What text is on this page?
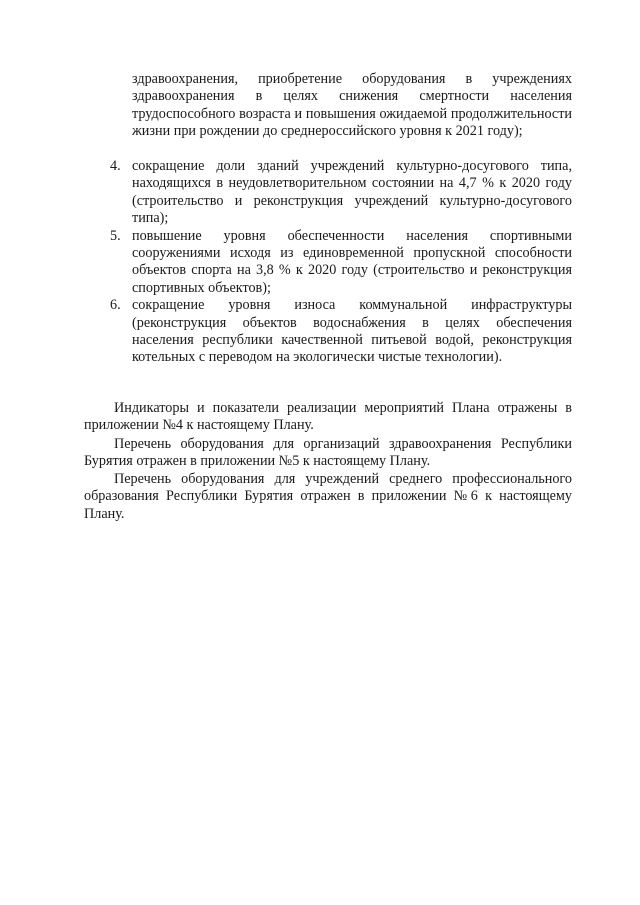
здравоохранения, приобретение оборудования в учреждениях здравоохранения в целях снижения смертности населения трудоспособного возраста и повышения ожидаемой продолжительности жизни при рождении до среднероссийского уровня к 2021 году);

4. сокращение доли зданий учреждений культурно-досугового типа, находящихся в неудовлетворительном состоянии на 4,7 % к 2020 году (строительство и реконструкция учреждений культурно-досугового типа);
5. повышение уровня обеспеченности населения спортивными сооружениями исходя из единовременной пропускной способности объектов спорта на 3,8 % к 2020 году (строительство и реконструкция спортивных объектов);
6. сокращение уровня износа коммунальной инфраструктуры (реконструкция объектов водоснабжения в целях обеспечения населения республики качественной питьевой водой, реконструкция котельных с переводом на экологически чистые технологии).

Индикаторы и показатели реализации мероприятий Плана отражены в приложении №4 к настоящему Плану.

Перечень оборудования для организаций здравоохранения Республики Бурятия отражен в приложении №5 к настоящему Плану.

Перечень оборудования для учреждений среднего профессионального образования Республики Бурятия отражен в приложении №6 к настоящему Плану.
